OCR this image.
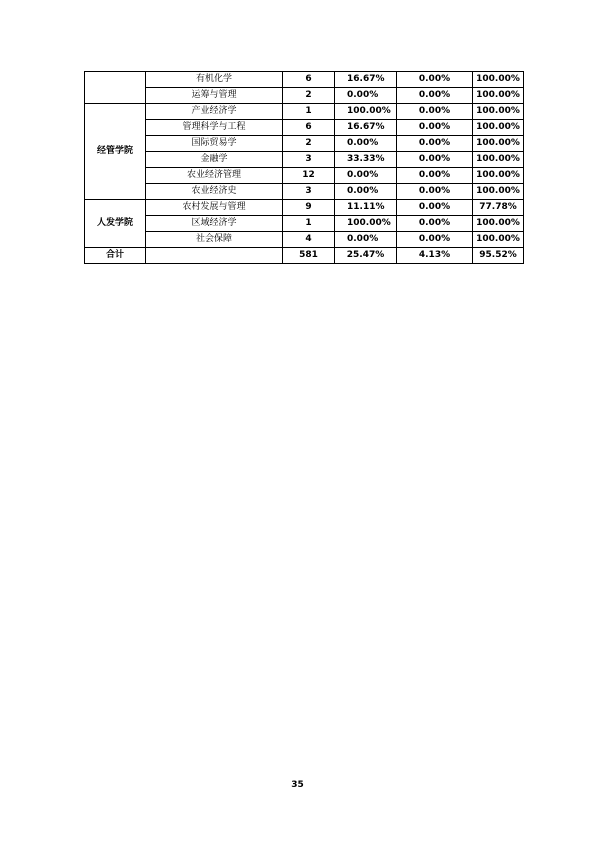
	有机化学	6	16.67%	0.00%	100.00%
	运筹与管理	2	0.00%	0.00%	100.00%
经管学院	产业经济学	1	100.00%	0.00%	100.00%
	管理科学与工程	6	16.67%	0.00%	100.00%
	国际贸易学	2	0.00%	0.00%	100.00%
	金融学	3	33.33%	0.00%	100.00%
	农业经济管理	12	0.00%	0.00%	100.00%
	农业经济史	3	0.00%	0.00%	100.00%
人发学院	农村发展与管理	9	11.11%	0.00%	77.78%
	区域经济学	1	100.00%	0.00%	100.00%
	社会保障	4	0.00%	0.00%	100.00%
合计		581	25.47%	4.13%	95.52%
35
